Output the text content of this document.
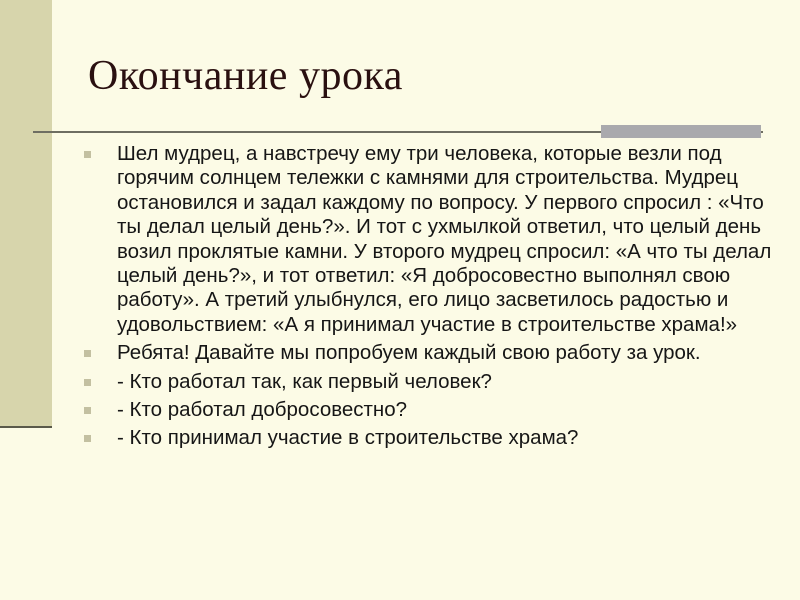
Окончание урока
Шел мудрец, а навстречу ему три человека, которые везли под горячим солнцем тележки с камнями для строительства. Мудрец остановился и задал каждому по вопросу. У первого спросил : «Что ты делал целый день?». И тот с ухмылкой ответил, что целый день возил проклятые камни. У второго мудрец спросил: «А что ты делал целый день?», и тот ответил: «Я добросовестно выполнял свою работу». А третий улыбнулся, его лицо засветилось радостью и удовольствием: «А я принимал участие в строительстве храма!»
Ребята! Давайте мы попробуем каждый свою работу за урок.
- Кто работал так, как первый человек?
- Кто работал добросовестно?
- Кто принимал участие в строительстве храма?
